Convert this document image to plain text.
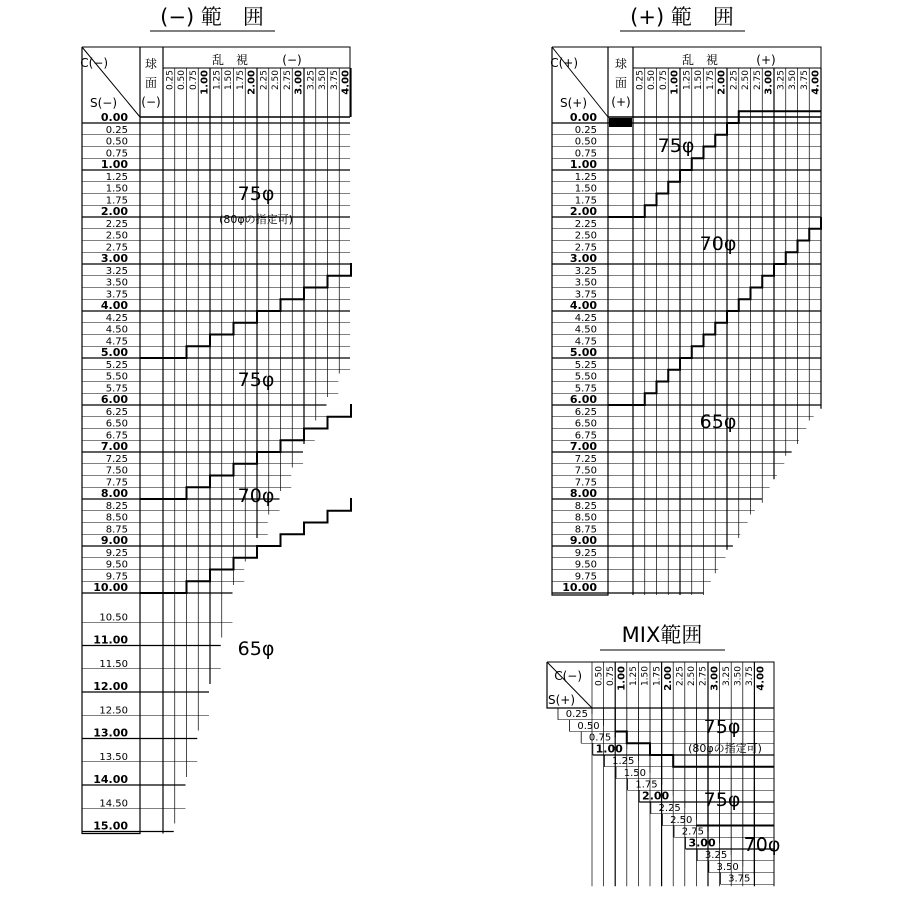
(−) 範　囲
0.25 0.50 0.75 1.00 1.25 1.50 1.75 2.00 2.25 2.50 2.75 3.00 3.25 3.50 3.75 4.00
0.00
0.25
0.50
0.75
1.00
1.25
1.50
1.75
2.00
2.25
2.50
2.75
3.00
3.25
3.50
3.75
4.00
4.25
4.50
4.75
5.00
5.25
5.50
5.75
6.00
6.25
6.50
6.75
7.00
7.25
7.50
7.75
8.00
8.25
8.50
8.75
9.00
9.25
9.50
9.75
10.00
10.50
11.00
11.50
12.00
12.50
13.00
13.50
14.00
14.50
15.00
C(−)
S(−)
球
面
(−)
乱　視	(−)
75φ
(80φの指定可)
75φ
70φ
65φ
(+) 範　囲
0.25 0.50 0.75 1.00 1.25 1.50 1.75 2.00 2.25 2.50 2.75 3.00 3.25 3.50 3.75 4.00
0.00
0.25
0.50
0.75
1.00
1.25
1.50
1.75
2.00
2.25
2.50
2.75
3.00
3.25
3.50
3.75
4.00
4.25
4.50
4.75
5.00
5.25
5.50
5.75
6.00
6.25
6.50
6.75
7.00
7.25
7.50
7.75
8.00
8.25
8.50
8.75
9.00
9.25
9.50
9.75
10.00
C(+)
S(+)
球
面
(+)
乱　視	(+)
75φ
70φ
65φ
MIX範囲
0.50 0.75 1.00 1.25 1.50 1.75 2.00 2.25 2.50 2.75 3.00 3.25 3.50 3.75 4.00
0.25
0.50
0.75
1.00
1.25
1.50
1.75
2.00
2.25
2.50
2.75
3.00
3.25
3.50
3.75
C(−)
S(+)
75φ
(80φの指定可)
75φ
70φ
